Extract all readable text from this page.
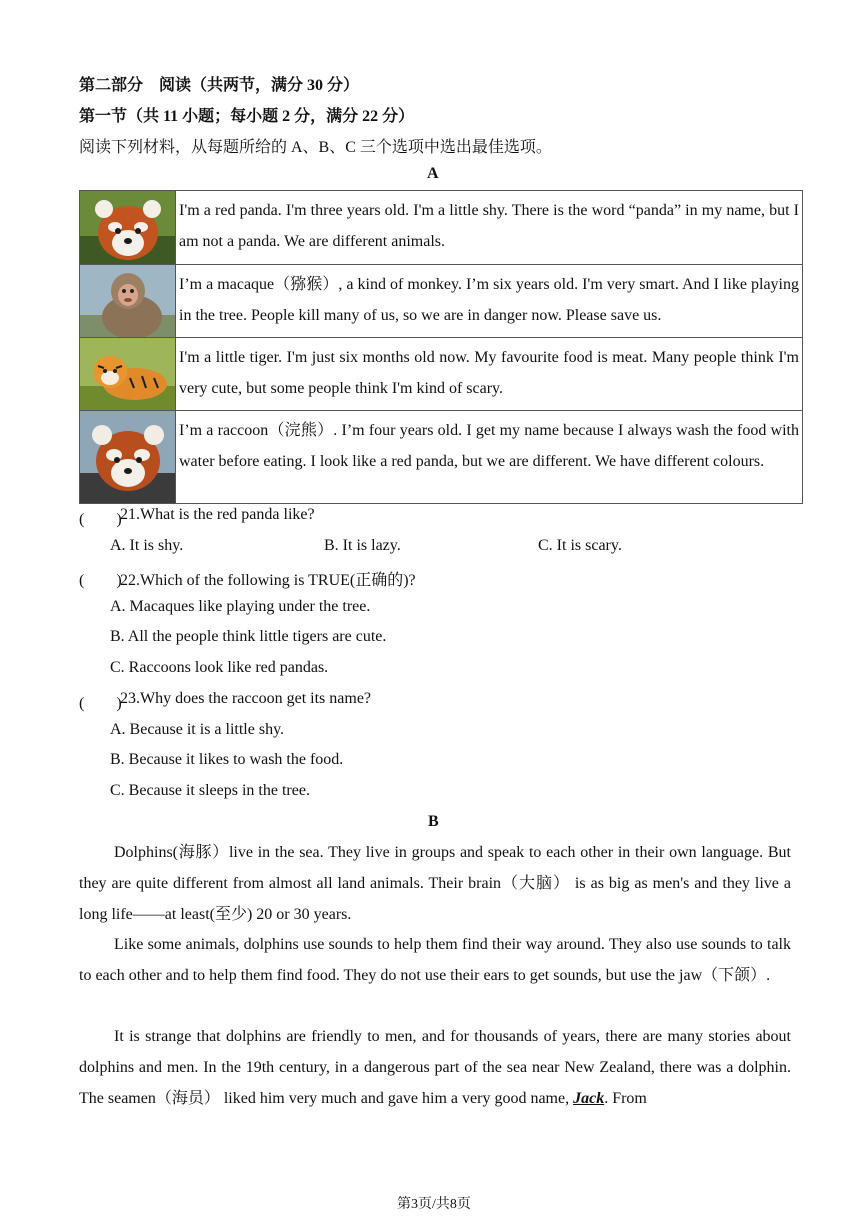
第二部分　阅读（共两节，满分 30 分）
第一节（共 11 小题；每小题 2 分，满分 22 分）
阅读下列材料，从每题所给的 A、B、C 三个选项中选出最佳选项。
A
	I'm a red panda. I'm three years old. I'm a little shy. There is the word “panda” in my name, but I am not a panda. We are different animals.

	I’m a macaque（猕猴）, a kind of monkey. I’m six years old. I'm very smart. And I like playing in the tree. People kill many of us, so we are in danger now. Please save us.

	I'm a little tiger. I'm just six months old now. My favourite food is meat. Many people think I'm very cute, but some people think I'm kind of scary.

	I’m a raccoon（浣熊）. I’m four years old. I get my name because I always wash the food with water before eating. I look like a red panda, but we are different. We have different colours.
(　　)
21.What is the red panda like?
A. It is shy.	B. It is lazy.	C. It is scary.
(　　)
22.Which of the following is TRUE(正确的)?
A. Macaques like playing under the tree.
B. All the people think little tigers are cute.
C. Raccoons look like red pandas.
(　　)
23.Why does the raccoon get its name?
A. Because it is a little shy.
B. Because it likes to wash the food.
C. Because it sleeps in the tree.
B
Dolphins(海豚）live in the sea. They live in groups and speak to each other in their own language. But they are quite different from almost all land animals. Their brain（大脑） is as big as men's and they live a long life——at least(至少) 20 or 30 years.
Like some animals, dolphins use sounds to help them find their way around. They also use sounds to talk to each other and to help them find food. They do not use their ears to get sounds, but use the jaw（下颌）.
It is strange that dolphins are friendly to men, and for thousands of years, there are many stories about dolphins and men. In the 19th century, in a dangerous part of the sea near New Zealand, there was a dolphin. The seamen（海员） liked him very much and gave him a very good name, Jack. From
第3页/共8页
